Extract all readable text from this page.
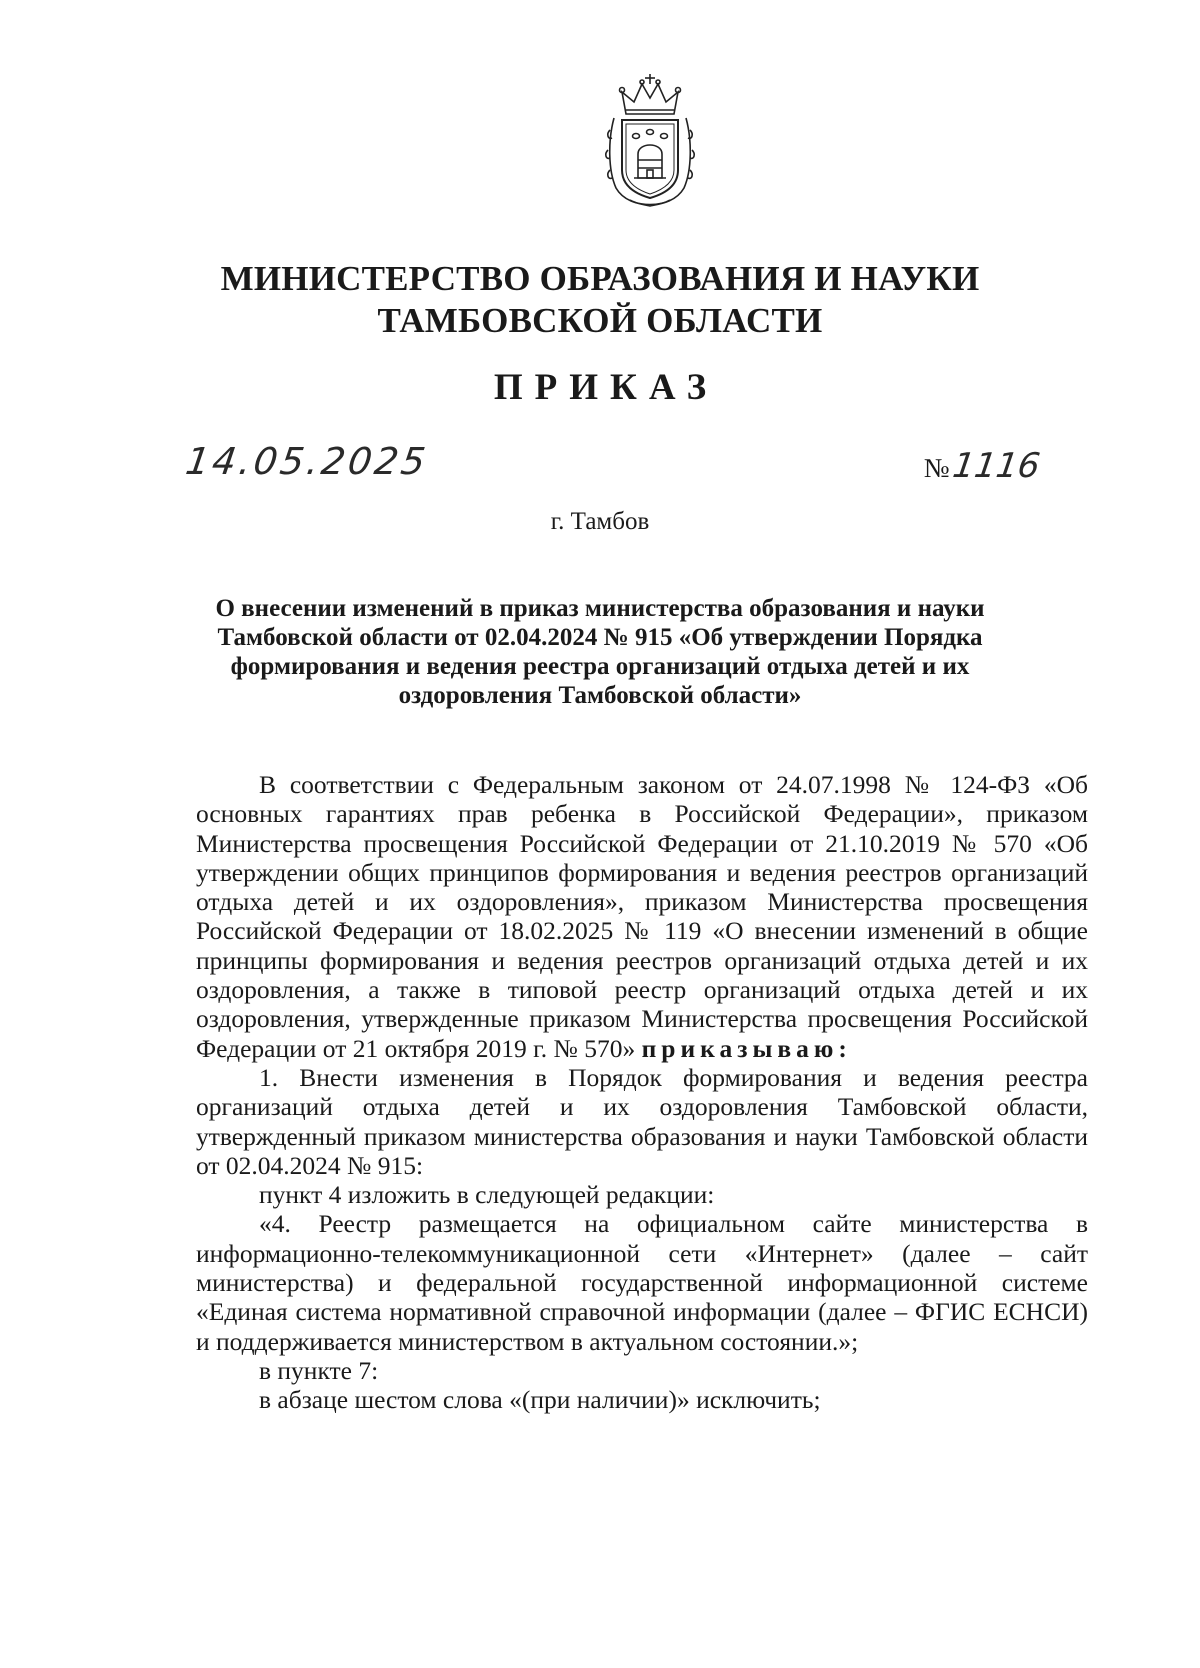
МИНИСТЕРСТВО ОБРАЗОВАНИЯ И НАУКИ
ТАМБОВСКОЙ ОБЛАСТИ
ПРИКАЗ
14.05.2025	№ 1116
г. Тамбов
О внесении изменений в приказ министерства образования и науки
Тамбовской области от 02.04.2024 № 915 «Об утверждении Порядка
формирования и ведения реестра организаций отдыха детей и их
оздоровления Тамбовской области»

В соответствии с Федеральным законом от 24.07.1998 № 124-ФЗ «Об основных гарантиях прав ребенка в Российской Федерации», приказом Министерства просвещения Российской Федерации от 21.10.2019 № 570 «Об утверждении общих принципов формирования и ведения реестров организаций отдыха детей и их оздоровления», приказом Министерства просвещения Российской Федерации от 18.02.2025 № 119 «О внесении изменений в общие принципы формирования и ведения реестров организаций отдыха детей и их оздоровления, а также в типовой реестр организаций отдыха детей и их оздоровления, утвержденные приказом Министерства просвещения Российской Федерации от 21 октября 2019 г. № 570» приказываю:

1. Внести изменения в Порядок формирования и ведения реестра организаций отдыха детей и их оздоровления Тамбовской области, утвержденный приказом министерства образования и науки Тамбовской области от 02.04.2024 № 915:

пункт 4 изложить в следующей редакции:

«4. Реестр размещается на официальном сайте министерства в информационно-телекоммуникационной сети «Интернет» (далее – сайт министерства) и федеральной государственной информационной системе «Единая система нормативной справочной информации (далее – ФГИС ЕСНСИ) и поддерживается министерством в актуальном состоянии.»;

в пункте 7:

в абзаце шестом слова «(при наличии)» исключить;
